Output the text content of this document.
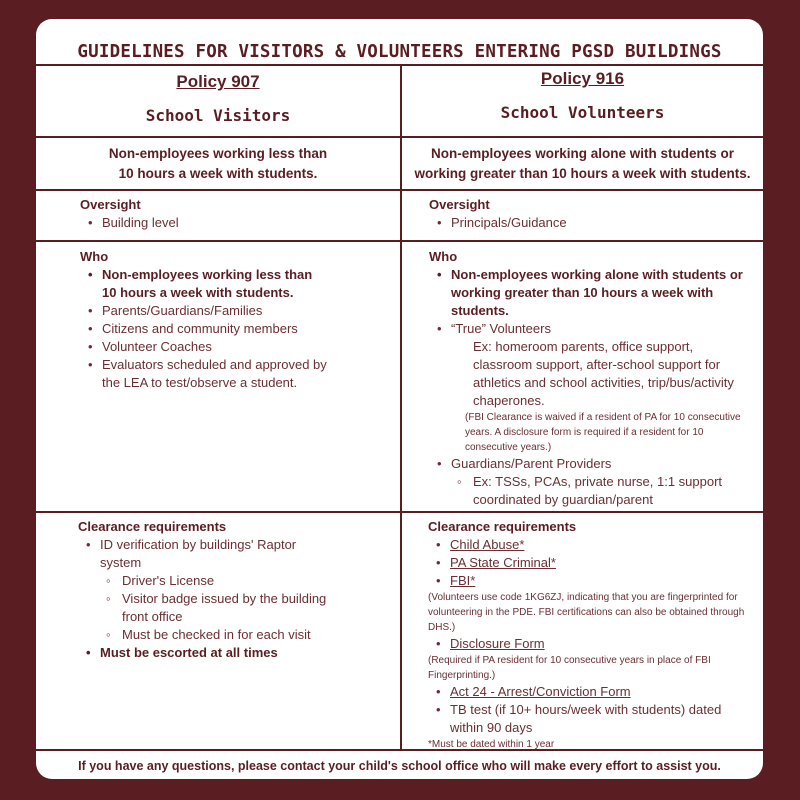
GUIDELINES FOR VISITORS & VOLUNTEERS ENTERING PGSD BUILDINGS
Policy 907
School Visitors
Policy 916
School Volunteers
Non-employees working less than
10 hours a week with students.
Non-employees working alone with students or
working greater than 10 hours a week with students.
Oversight
• Building level
Oversight
• Principals/Guidance
Who
• Non-employees working less than 10 hours a week with students.
• Parents/Guardians/Families
• Citizens and community members
• Volunteer Coaches
• Evaluators scheduled and approved by the LEA to test/observe a student.
Who
• Non-employees working alone with students or working greater than 10 hours a week with students.
• “True” Volunteers
Ex: homeroom parents, office support, classroom support, after-school support for athletics and school activities, trip/bus/activity chaperones.
(FBI Clearance is waived if a resident of PA for 10 consecutive years. A disclosure form is required if a resident for 10 consecutive years.)
• Guardians/Parent Providers
◦ Ex: TSSs, PCAs, private nurse, 1:1 support coordinated by guardian/parent
Clearance requirements
• ID verification by buildings' Raptor system
◦ Driver's License
◦ Visitor badge issued by the building front office
◦ Must be checked in for each visit
• Must be escorted at all times
Clearance requirements
• Child Abuse*
• PA State Criminal*
• FBI*
(Volunteers use code 1KG6ZJ, indicating that you are fingerprinted for volunteering in the PDE. FBI certifications can also be obtained through DHS.)
• Disclosure Form
(Required if PA resident for 10 consecutive years in place of FBI Fingerprinting.)
• Act 24 - Arrest/Conviction Form
• TB test (if 10+ hours/week with students) dated within 90 days
*Must be dated within 1 year
If you have any questions, please contact your child's school office who will make every effort to assist you.
